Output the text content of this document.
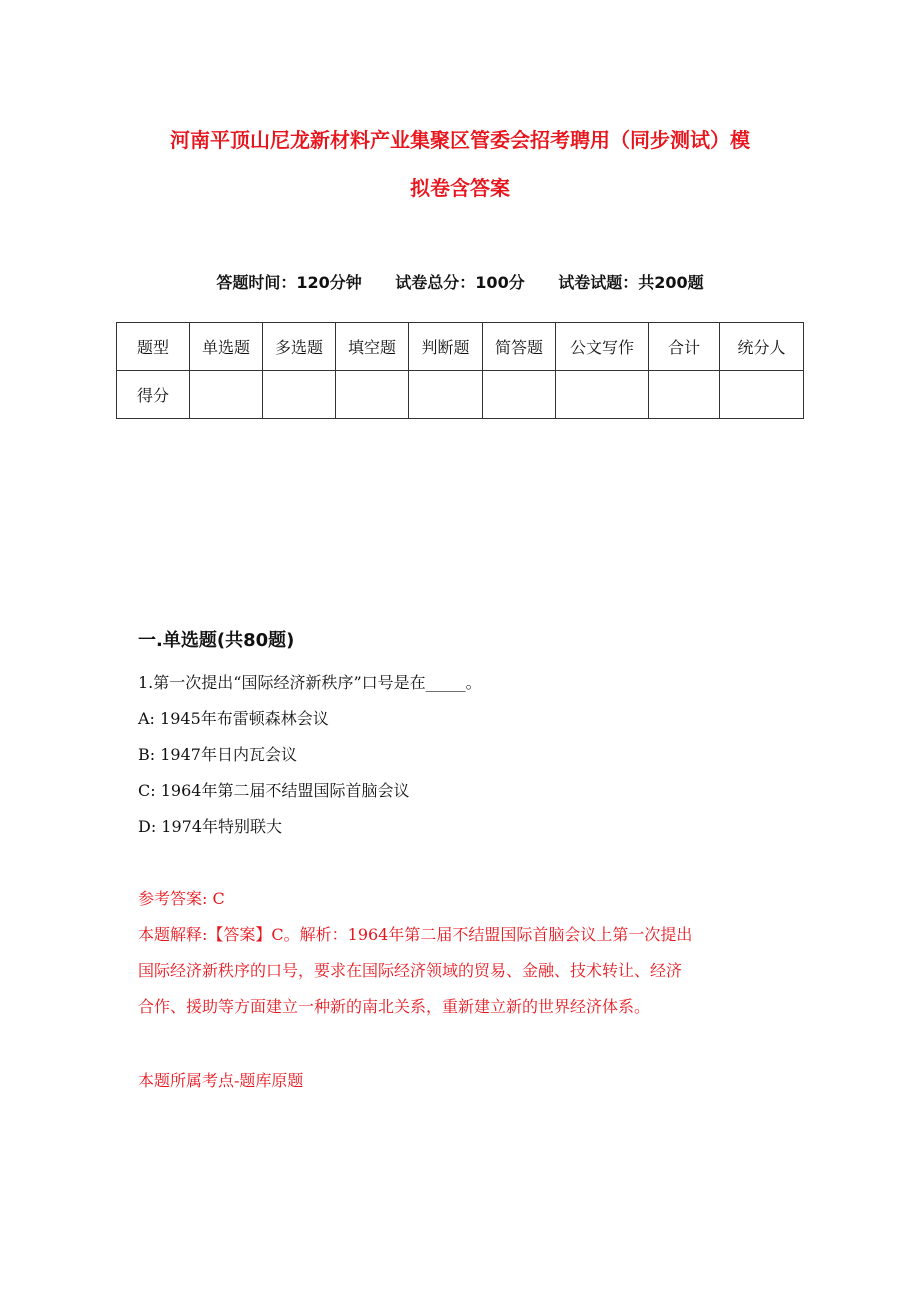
河南平顶山尼龙新材料产业集聚区管委会招考聘用（同步测试）模
拟卷含答案
答题时间：120分钟 试卷总分：100分 试卷试题：共200题
题型	单选题	多选题	填空题	判断题	简答题	公文写作	合计	统分人
得分								
一.单选题(共80题)
1.第一次提出“国际经济新秩序”口号是在_____。
A: 1945年布雷顿森林会议
B: 1947年日内瓦会议
C: 1964年第二届不结盟国际首脑会议
D: 1974年特别联大
参考答案: C
本题解释:【答案】C。解析：1964年第二届不结盟国际首脑会议上第一次提出
国际经济新秩序的口号，要求在国际经济领域的贸易、金融、技术转让、经济
合作、援助等方面建立一种新的南北关系，重新建立新的世界经济体系。
本题所属考点-题库原题
